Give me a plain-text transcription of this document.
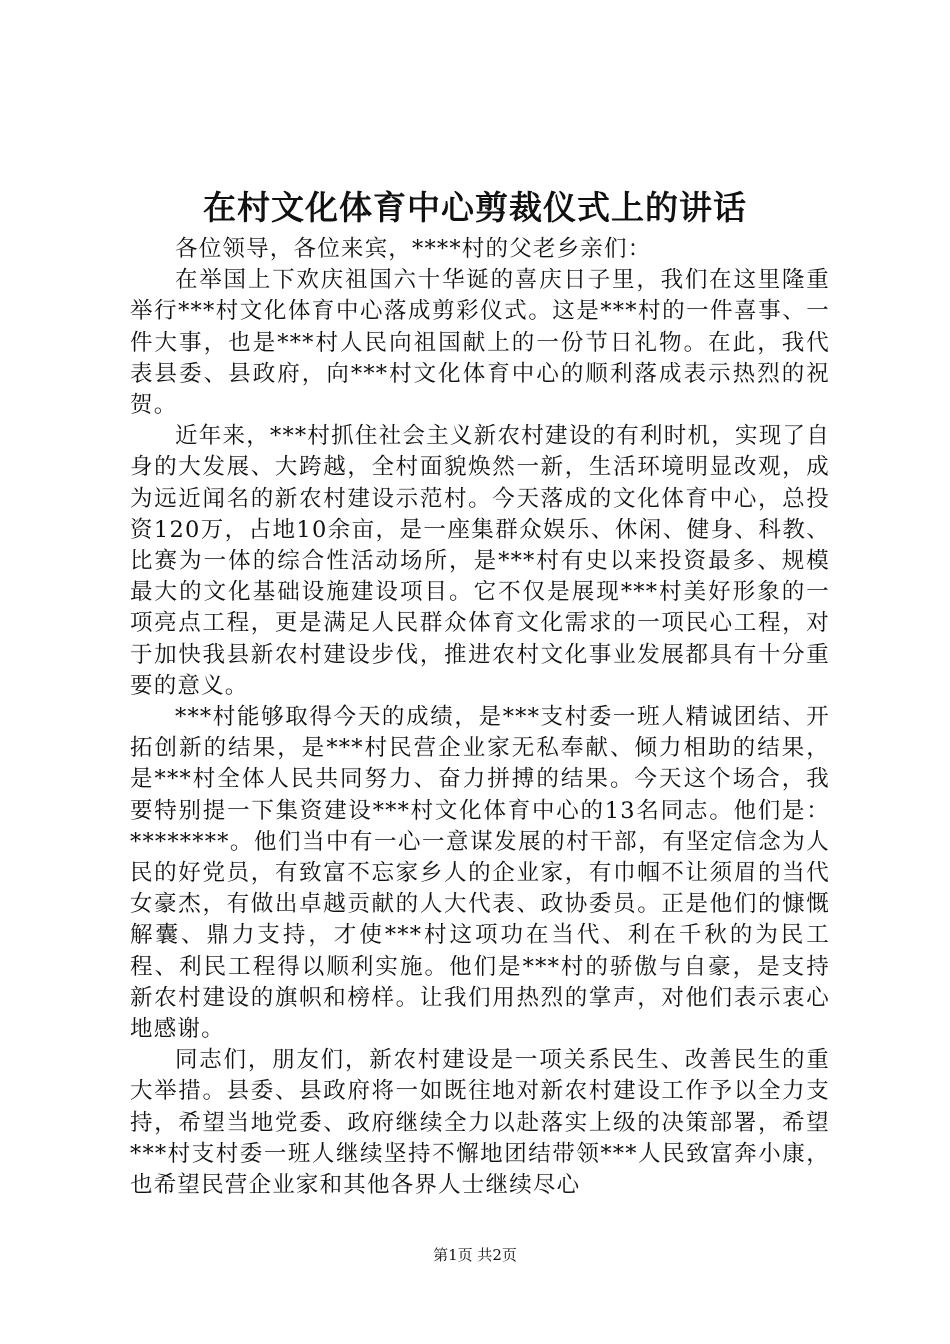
在村文化体育中心剪裁仪式上的讲话

各位领导，各位来宾，****村的父老乡亲们：

在举国上下欢庆祖国六十华诞的喜庆日子里，我们在这里隆重举行***村文化体育中心落成剪彩仪式。这是***村的一件喜事、一件大事，也是***村人民向祖国献上的一份节日礼物。在此，我代表县委、县政府，向***村文化体育中心的顺利落成表示热烈的祝贺。

近年来，***村抓住社会主义新农村建设的有利时机，实现了自身的大发展、大跨越，全村面貌焕然一新，生活环境明显改观，成为远近闻名的新农村建设示范村。今天落成的文化体育中心，总投资120万，占地10余亩，是一座集群众娱乐、休闲、健身、科教、比赛为一体的综合性活动场所，是***村有史以来投资最多、规模最大的文化基础设施建设项目。它不仅是展现***村美好形象的一项亮点工程，更是满足人民群众体育文化需求的一项民心工程，对于加快我县新农村建设步伐，推进农村文化事业发展都具有十分重要的意义。

***村能够取得今天的成绩，是***支村委一班人精诚团结、开拓创新的结果，是***村民营企业家无私奉献、倾力相助的结果，是***村全体人民共同努力、奋力拼搏的结果。今天这个场合，我要特别提一下集资建设***村文化体育中心的13名同志。他们是：********。他们当中有一心一意谋发展的村干部，有坚定信念为人民的好党员，有致富不忘家乡人的企业家，有巾帼不让须眉的当代女豪杰，有做出卓越贡献的人大代表、政协委员。正是他们的慷慨解囊、鼎力支持，才使***村这项功在当代、利在千秋的为民工程、利民工程得以顺利实施。他们是***村的骄傲与自豪，是支持新农村建设的旗帜和榜样。让我们用热烈的掌声，对他们表示衷心地感谢。

同志们，朋友们，新农村建设是一项关系民生、改善民生的重大举措。县委、县政府将一如既往地对新农村建设工作予以全力支持，希望当地党委、政府继续全力以赴落实上级的决策部署，希望***村支村委一班人继续坚持不懈地团结带领***人民致富奔小康，也希望民营企业家和其他各界人士继续尽心

第1页 共2页
